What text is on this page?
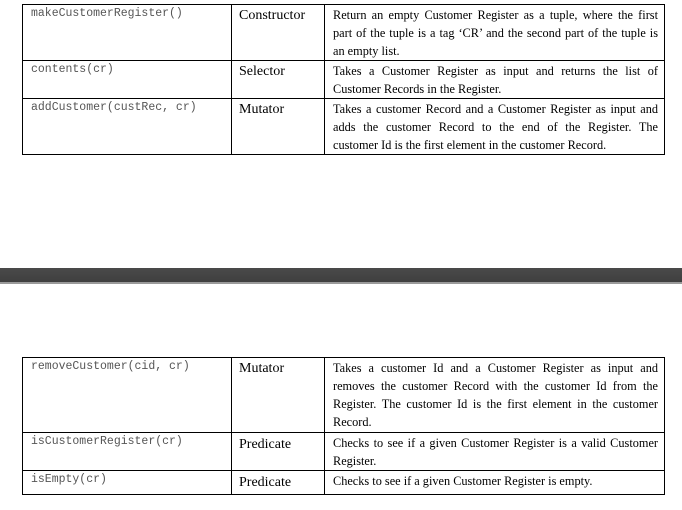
makeCustomerRegister()	Constructor	Return an empty Customer Register as a tuple, where the first part of the tuple is a tag ‘CR’ and the second part of the tuple is an empty list.

contents(cr)	Selector	Takes a Customer Register as input and returns the list of Customer Records in the Register.

addCustomer(custRec, cr)	Mutator	Takes a customer Record and a Customer Register as input and adds the customer Record to the end of the Register. The customer Id is the first element in the customer Record.
removeCustomer(cid, cr)	Mutator	Takes a customer Id and a Customer Register as input and removes the customer Record with the customer Id from the Register. The customer Id is the first element in the customer Record.

isCustomerRegister(cr)	Predicate	Checks to see if a given Customer Register is a valid Customer Register.

isEmpty(cr)	Predicate	Checks to see if a given Customer Register is empty.
